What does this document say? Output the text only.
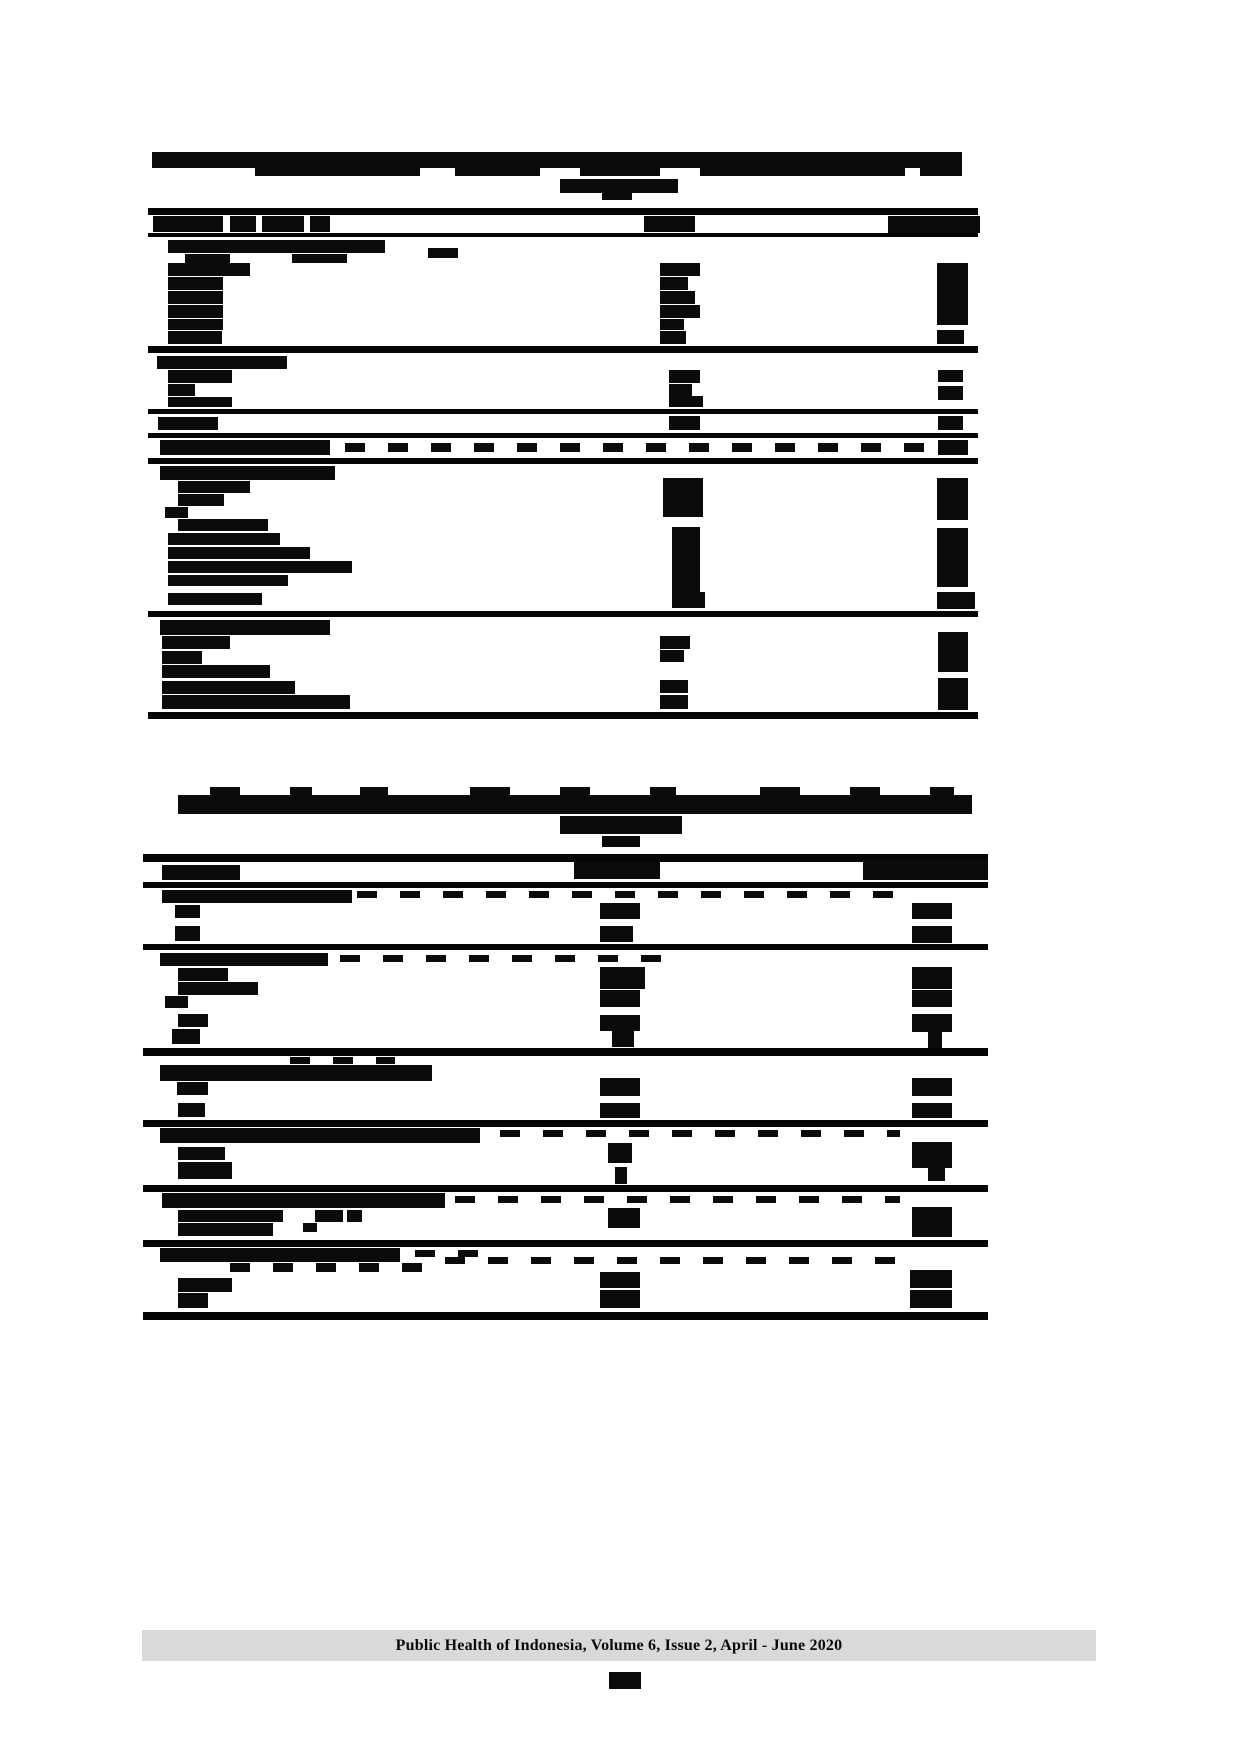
Public Health of Indonesia, Volume 6, Issue 2, April - June 2020
